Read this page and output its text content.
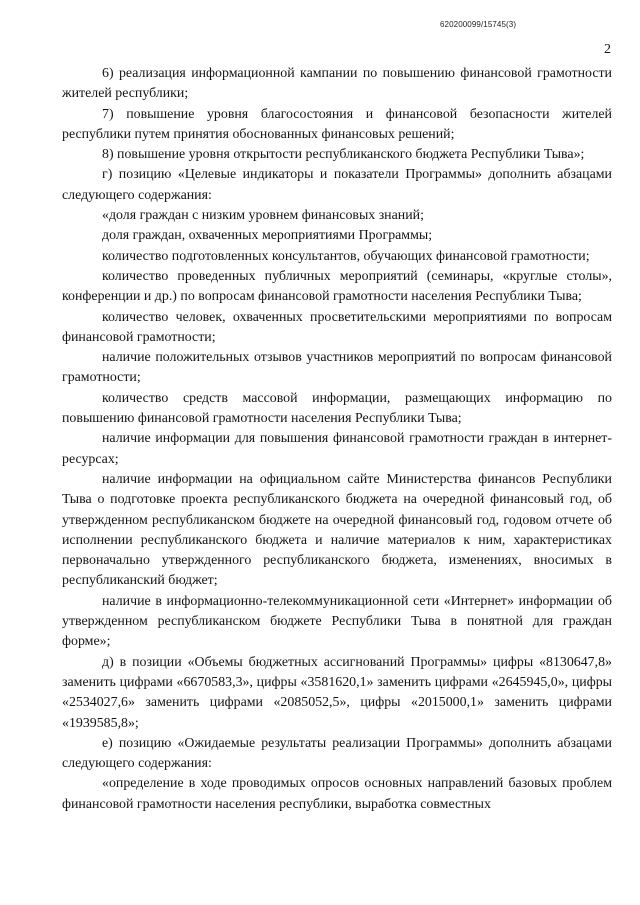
620200099/15745(3)
2

6) реализация информационной кампании по повышению финансовой грамотности жителей республики;

7) повышение уровня благосостояния и финансовой безопасности жителей республики путем принятия обоснованных финансовых решений;

8) повышение уровня открытости республиканского бюджета Республики Тыва»;

г) позицию «Целевые индикаторы и показатели Программы» дополнить абзацами следующего содержания:

«доля граждан с низким уровнем финансовых знаний;

доля граждан, охваченных мероприятиями Программы;

количество подготовленных консультантов, обучающих финансовой грамотности;

количество проведенных публичных мероприятий (семинары, «круглые столы», конференции и др.) по вопросам финансовой грамотности населения Республики Тыва;

количество человек, охваченных просветительскими мероприятиями по вопросам финансовой грамотности;

наличие положительных отзывов участников мероприятий по вопросам финансовой грамотности;

количество средств массовой информации, размещающих информацию по повышению финансовой грамотности населения Республики Тыва;

наличие информации для повышения финансовой грамотности граждан в интернет-ресурсах;

наличие информации на официальном сайте Министерства финансов Республики Тыва о подготовке проекта республиканского бюджета на очередной финансовый год, об утвержденном республиканском бюджете на очередной финансовый год, годовом отчете об исполнении республиканского бюджета и наличие материалов к ним, характеристиках первоначально утвержденного республиканского бюджета, изменениях, вносимых в республиканский бюджет;

наличие в информационно-телекоммуникационной сети «Интернет» информации об утвержденном республиканском бюджете Республики Тыва в понятной для граждан форме»;

д) в позиции «Объемы бюджетных ассигнований Программы» цифры «8130647,8» заменить цифрами «6670583,3», цифры «3581620,1» заменить цифрами «2645945,0», цифры «2534027,6» заменить цифрами «2085052,5», цифры «2015000,1» заменить цифрами «1939585,8»;

е) позицию «Ожидаемые результаты реализации Программы» дополнить абзацами следующего содержания:

«определение в ходе проводимых опросов основных направлений базовых проблем финансовой грамотности населения республики, выработка совместных
